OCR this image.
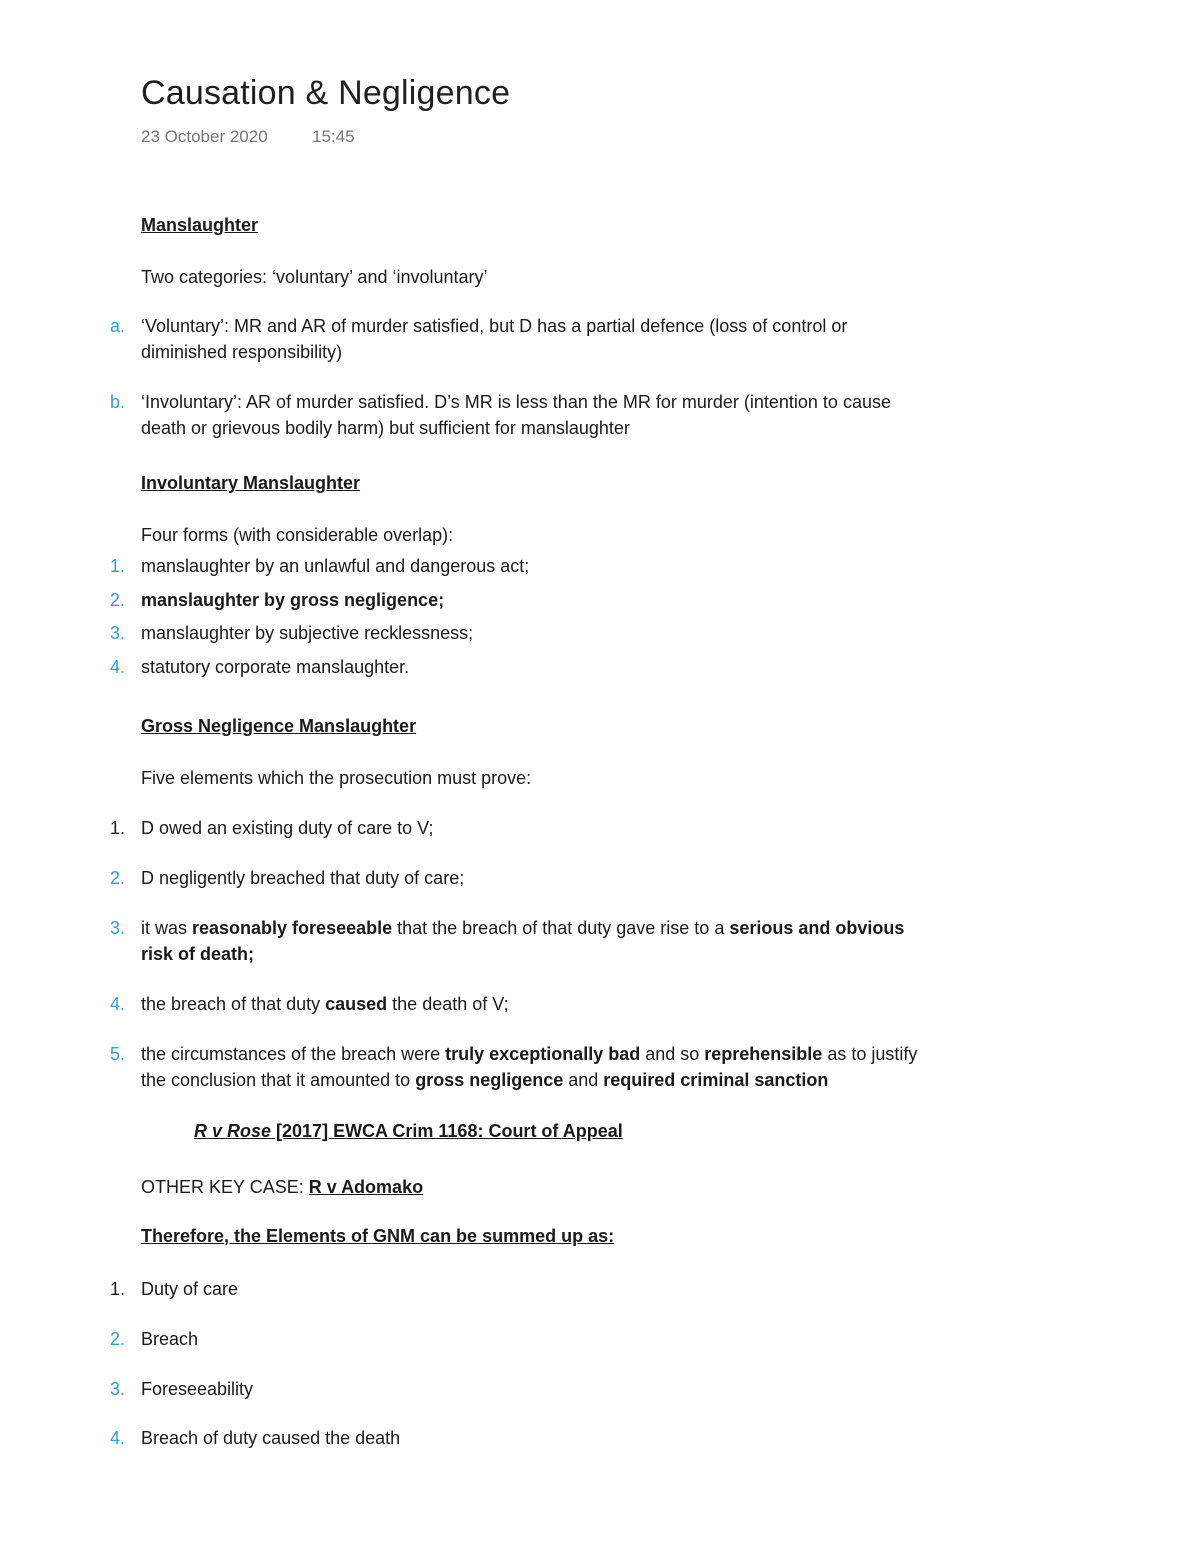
Causation & Negligence
23 October 2020	15:45
Manslaughter
Two categories: ‘voluntary’ and ‘involuntary’
a. ‘Voluntary’: MR and AR of murder satisfied, but D has a partial defence (loss of control or
diminished responsibility)
b. ‘Involuntary’: AR of murder satisfied. D’s MR is less than the MR for murder (intention to cause
death or grievous bodily harm) but sufficient for manslaughter
Involuntary Manslaughter
Four forms (with considerable overlap):
1. manslaughter by an unlawful and dangerous act;
2. manslaughter by gross negligence;
3. manslaughter by subjective recklessness;
4. statutory corporate manslaughter.
Gross Negligence Manslaughter
Five elements which the prosecution must prove:
1. D owed an existing duty of care to V;
2. D negligently breached that duty of care;
3. it was reasonably foreseeable that the breach of that duty gave rise to a serious and obvious
risk of death;
4. the breach of that duty caused the death of V;
5. the circumstances of the breach were truly exceptionally bad and so reprehensible as to justify
the conclusion that it amounted to gross negligence and required criminal sanction
R v Rose [2017] EWCA Crim 1168: Court of Appeal
OTHER KEY CASE: R v Adomako
Therefore, the Elements of GNM can be summed up as:
1. Duty of care
2. Breach
3. Foreseeability
4. Breach of duty caused the death
